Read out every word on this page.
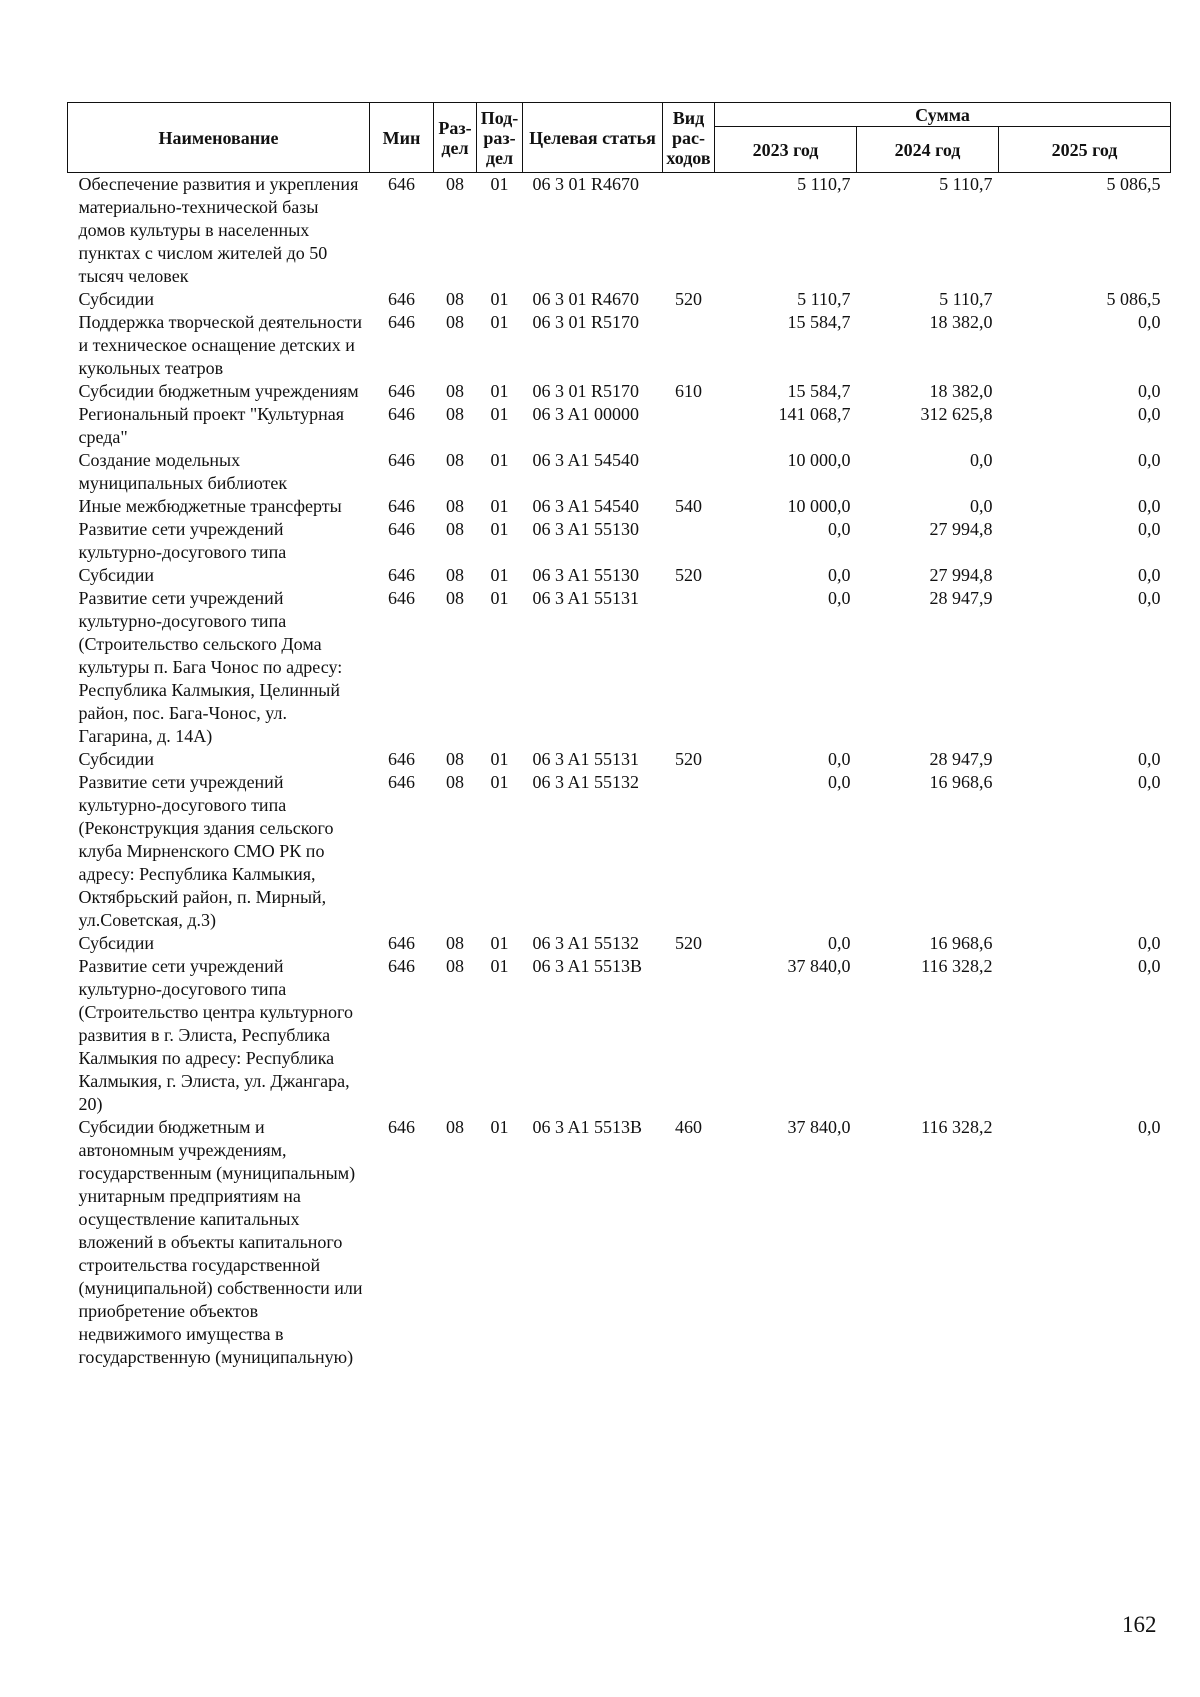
Наименование	Мин	Раз-дел	Под-раз-дел	Целевая статья	Вид рас-ходов	Сумма		
						2023 год	2024 год	2025 год
Обеспечение развития и укрепления материально-технической базы домов культуры в населенных пунктах с числом жителей до 50 тысяч человек	646	08	01	06 3 01 R4670		5 110,7	5 110,7	5 086,5
Субсидии	646	08	01	06 3 01 R4670	520	5 110,7	5 110,7	5 086,5
Поддержка творческой деятельности и техническое оснащение детских и кукольных театров	646	08	01	06 3 01 R5170		15 584,7	18 382,0	0,0
Субсидии бюджетным учреждениям	646	08	01	06 3 01 R5170	610	15 584,7	18 382,0	0,0
Региональный проект "Культурная среда"	646	08	01	06 3 A1 00000		141 068,7	312 625,8	0,0
Создание модельных муниципальных библиотек	646	08	01	06 3 A1 54540		10 000,0	0,0	0,0
Иные межбюджетные трансферты	646	08	01	06 3 A1 54540	540	10 000,0	0,0	0,0
Развитие сети учреждений культурно-досугового типа	646	08	01	06 3 A1 55130		0,0	27 994,8	0,0
Субсидии	646	08	01	06 3 A1 55130	520	0,0	27 994,8	0,0
Развитие сети учреждений культурно-досугового типа (Строительство сельского Дома культуры п. Бага Чонос по адресу: Республика Калмыкия, Целинный район, пос. Бага-Чонос, ул. Гагарина, д. 14А)	646	08	01	06 3 A1 55131		0,0	28 947,9	0,0
Субсидии	646	08	01	06 3 A1 55131	520	0,0	28 947,9	0,0
Развитие сети учреждений культурно-досугового типа (Реконструкция здания сельского клуба Мирненского СМО РК по адресу: Республика Калмыкия, Октябрьский район, п. Мирный, ул.Советская, д.3)	646	08	01	06 3 A1 55132		0,0	16 968,6	0,0
Субсидии	646	08	01	06 3 A1 55132	520	0,0	16 968,6	0,0
Развитие сети учреждений культурно-досугового типа (Строительство центра культурного развития в г. Элиста, Республика Калмыкия по адресу: Республика Калмыкия, г. Элиста, ул. Джангара, 20)	646	08	01	06 3 A1 5513В		37 840,0	116 328,2	0,0
Субсидии бюджетным и автономным учреждениям, государственным (муниципальным) унитарным предприятиям на осуществление капитальных вложений в объекты капитального строительства государственной (муниципальной) собственности или приобретение объектов недвижимого имущества в государственную (муниципальную)	646	08	01	06 3 A1 5513В	460	37 840,0	116 328,2	0,0
162
